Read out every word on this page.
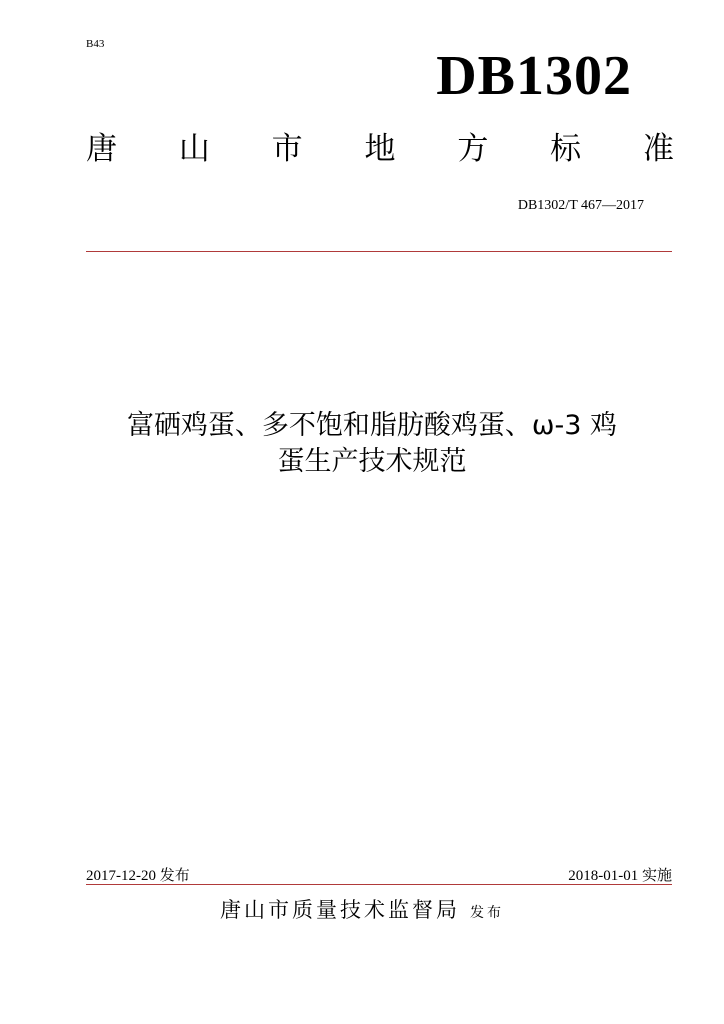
B43
DB1302
唐 山 市 地 方 标 准
DB1302/T 467—2017
富硒鸡蛋、多不饱和脂肪酸鸡蛋、ω-3 鸡
蛋生产技术规范
2017-12-20 发布	2018-01-01 实施
唐山市质量技术监督局 发布
